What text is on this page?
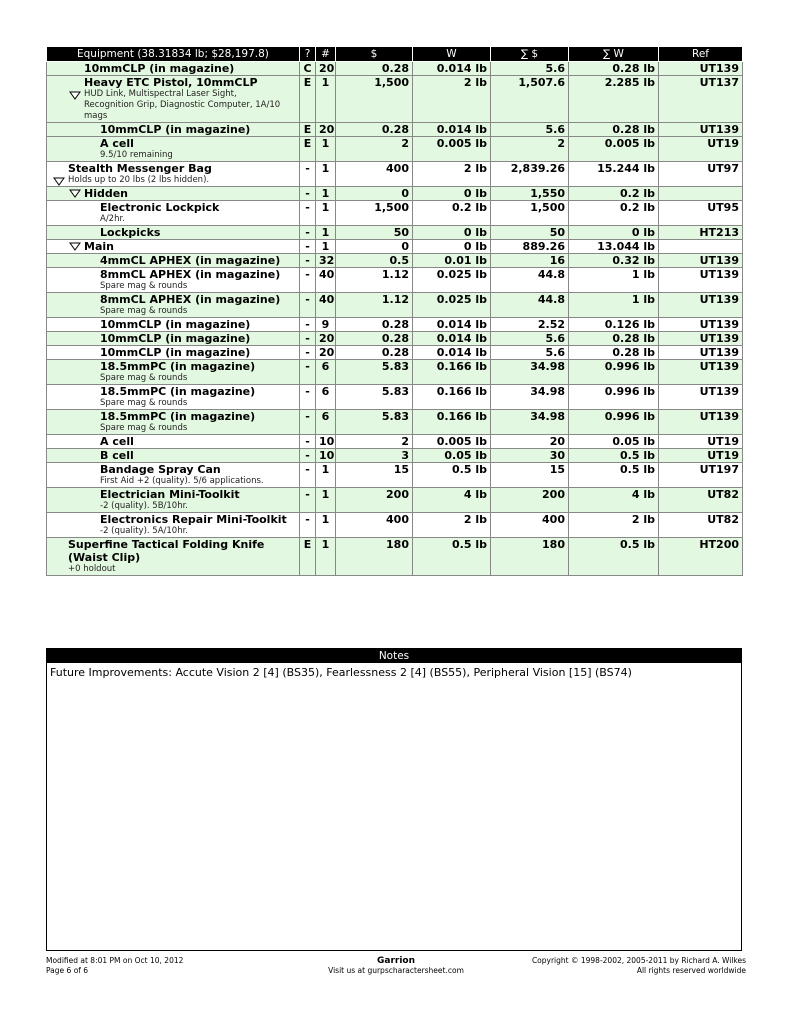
Equipment (38.31834 lb; $28,197.8)	?	#	$	W	∑ $	∑ W	Ref

10mmCLP (in magazine)	C	20	0.28	0.014 lb	5.6	0.28 lb	UT139

Heavy ETC Pistol, 10mmCLP
HUD Link, Multispectral Laser Sight,
Recognition Grip, Diagnostic Computer, 1A/10
mags	E	1	1,500	2 lb	1,507.6	2.285 lb	UT137

10mmCLP (in magazine)	E	20	0.28	0.014 lb	5.6	0.28 lb	UT139

A cell
9.5/10 remaining	E	1	2	0.005 lb	2	0.005 lb	UT19

Stealth Messenger Bag
Holds up to 20 lbs (2 lbs hidden).	-	1	400	2 lb	2,839.26	15.244 lb	UT97

Hidden	-	1	0	0 lb	1,550	0.2 lb	

Electronic Lockpick
A/2hr.	-	1	1,500	0.2 lb	1,500	0.2 lb	UT95

Lockpicks	-	1	50	0 lb	50	0 lb	HT213

Main	-	1	0	0 lb	889.26	13.044 lb	

4mmCL APHEX (in magazine)	-	32	0.5	0.01 lb	16	0.32 lb	UT139

8mmCL APHEX (in magazine)
Spare mag & rounds	-	40	1.12	0.025 lb	44.8	1 lb	UT139

8mmCL APHEX (in magazine)
Spare mag & rounds	-	40	1.12	0.025 lb	44.8	1 lb	UT139

10mmCLP (in magazine)	-	9	0.28	0.014 lb	2.52	0.126 lb	UT139

10mmCLP (in magazine)	-	20	0.28	0.014 lb	5.6	0.28 lb	UT139

10mmCLP (in magazine)	-	20	0.28	0.014 lb	5.6	0.28 lb	UT139

18.5mmPC (in magazine)
Spare mag & rounds	-	6	5.83	0.166 lb	34.98	0.996 lb	UT139

18.5mmPC (in magazine)
Spare mag & rounds	-	6	5.83	0.166 lb	34.98	0.996 lb	UT139

18.5mmPC (in magazine)
Spare mag & rounds	-	6	5.83	0.166 lb	34.98	0.996 lb	UT139

A cell	-	10	2	0.005 lb	20	0.05 lb	UT19

B cell	-	10	3	0.05 lb	30	0.5 lb	UT19

Bandage Spray Can
First Aid +2 (quality). 5/6 applications.	-	1	15	0.5 lb	15	0.5 lb	UT197

Electrician Mini-Toolkit
-2 (quality). 5B/10hr.	-	1	200	4 lb	200	4 lb	UT82

Electronics Repair Mini-Toolkit
-2 (quality). 5A/10hr.	-	1	400	2 lb	400	2 lb	UT82

Superfine Tactical Folding Knife (Waist Clip)
+0 holdout	E	1	180	0.5 lb	180	0.5 lb	HT200
Notes
Future Improvements: Accute Vision 2 [4] (BS35), Fearlessness 2 [4] (BS55), Peripheral Vision [15] (BS74)
Modified at 8:01 PM on Oct 10, 2012
Page 6 of 6
Garrion
Visit us at gurpscharactersheet.com
Copyright © 1998-2002, 2005-2011 by Richard A. Wilkes
All rights reserved worldwide
